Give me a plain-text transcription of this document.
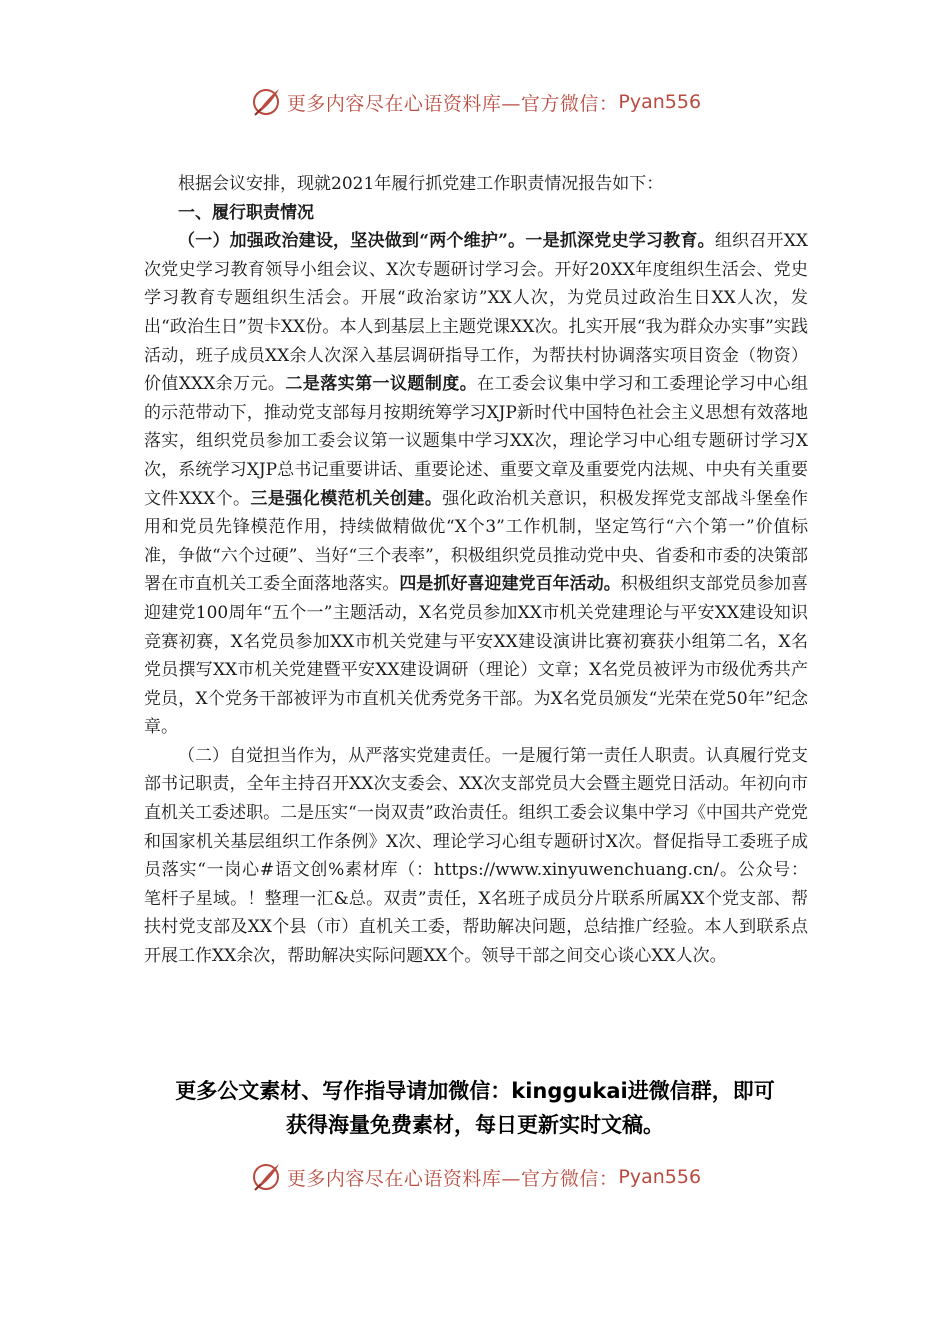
更多内容尽在心语资料库—官方微信： Pyan556

根据会议安排，现就2021年履行抓党建工作职责情况报告如下：

一、履行职责情况

（一）加强政治建设，坚决做到“两个维护”。一是抓深党史学习教育。组织召开XX次党史学习教育领导小组会议、X次专题研讨学习会。开好20XX年度组织生活会、党史学习教育专题组织生活会。开展“政治家访”XX人次，为党员过政治生日XX人次，发出“政治生日”贺卡XX份。本人到基层上主题党课XX次。扎实开展“我为群众办实事”实践活动，班子成员XX余人次深入基层调研指导工作，为帮扶村协调落实项目资金（物资）价值XXX余万元。二是落实第一议题制度。在工委会议集中学习和工委理论学习中心组的示范带动下，推动党支部每月按期统筹学习XJP新时代中国特色社会主义思想有效落地落实，组织党员参加工委会议第一议题集中学习XX次，理论学习中心组专题研讨学习X次，系统学习XJP总书记重要讲话、重要论述、重要文章及重要党内法规、中央有关重要文件XXX个。三是强化模范机关创建。强化政治机关意识，积极发挥党支部战斗堡垒作用和党员先锋模范作用，持续做精做优“X个3”工作机制，坚定笃行“六个第一”价值标准，争做“六个过硬”、当好“三个表率”，积极组织党员推动党中央、省委和市委的决策部署在市直机关工委全面落地落实。四是抓好喜迎建党百年活动。积极组织支部党员参加喜迎建党100周年“五个一”主题活动，X名党员参加XX市机关党建理论与平安XX建设知识竞赛初赛，X名党员参加XX市机关党建与平安XX建设演讲比赛初赛获小组第二名，X名党员撰写XX市机关党建暨平安XX建设调研（理论）文章；X名党员被评为市级优秀共产党员，X个党务干部被评为市直机关优秀党务干部。为X名党员颁发“光荣在党50年”纪念章。

（二）自觉担当作为，从严落实党建责任。一是履行第一责任人职责。认真履行党支部书记职责，全年主持召开XX次支委会、XX次支部党员大会暨主题党日活动。年初向市直机关工委述职。二是压实“一岗双责”政治责任。组织工委会议集中学习《中国共产党党和国家机关基层组织工作条例》X次、理论学习心组专题研讨X次。督促指导工委班子成员落实“一岗心#语文创%素材库（：https://www.xinyuwenchuang.cn/。公众号：笔杆子星域。！整理一汇&总。双责”责任，X名班子成员分片联系所属XX个党支部、帮扶村党支部及XX个县（市）直机关工委，帮助解决问题，总结推广经验。本人到联系点开展工作XX余次，帮助解决实际问题XX个。领导干部之间交心谈心XX人次。

更多公文素材、写作指导请加微信：kinggukai进微信群，即可
获得海量免费素材，每日更新实时文稿。
更多内容尽在心语资料库—官方微信： Pyan556
